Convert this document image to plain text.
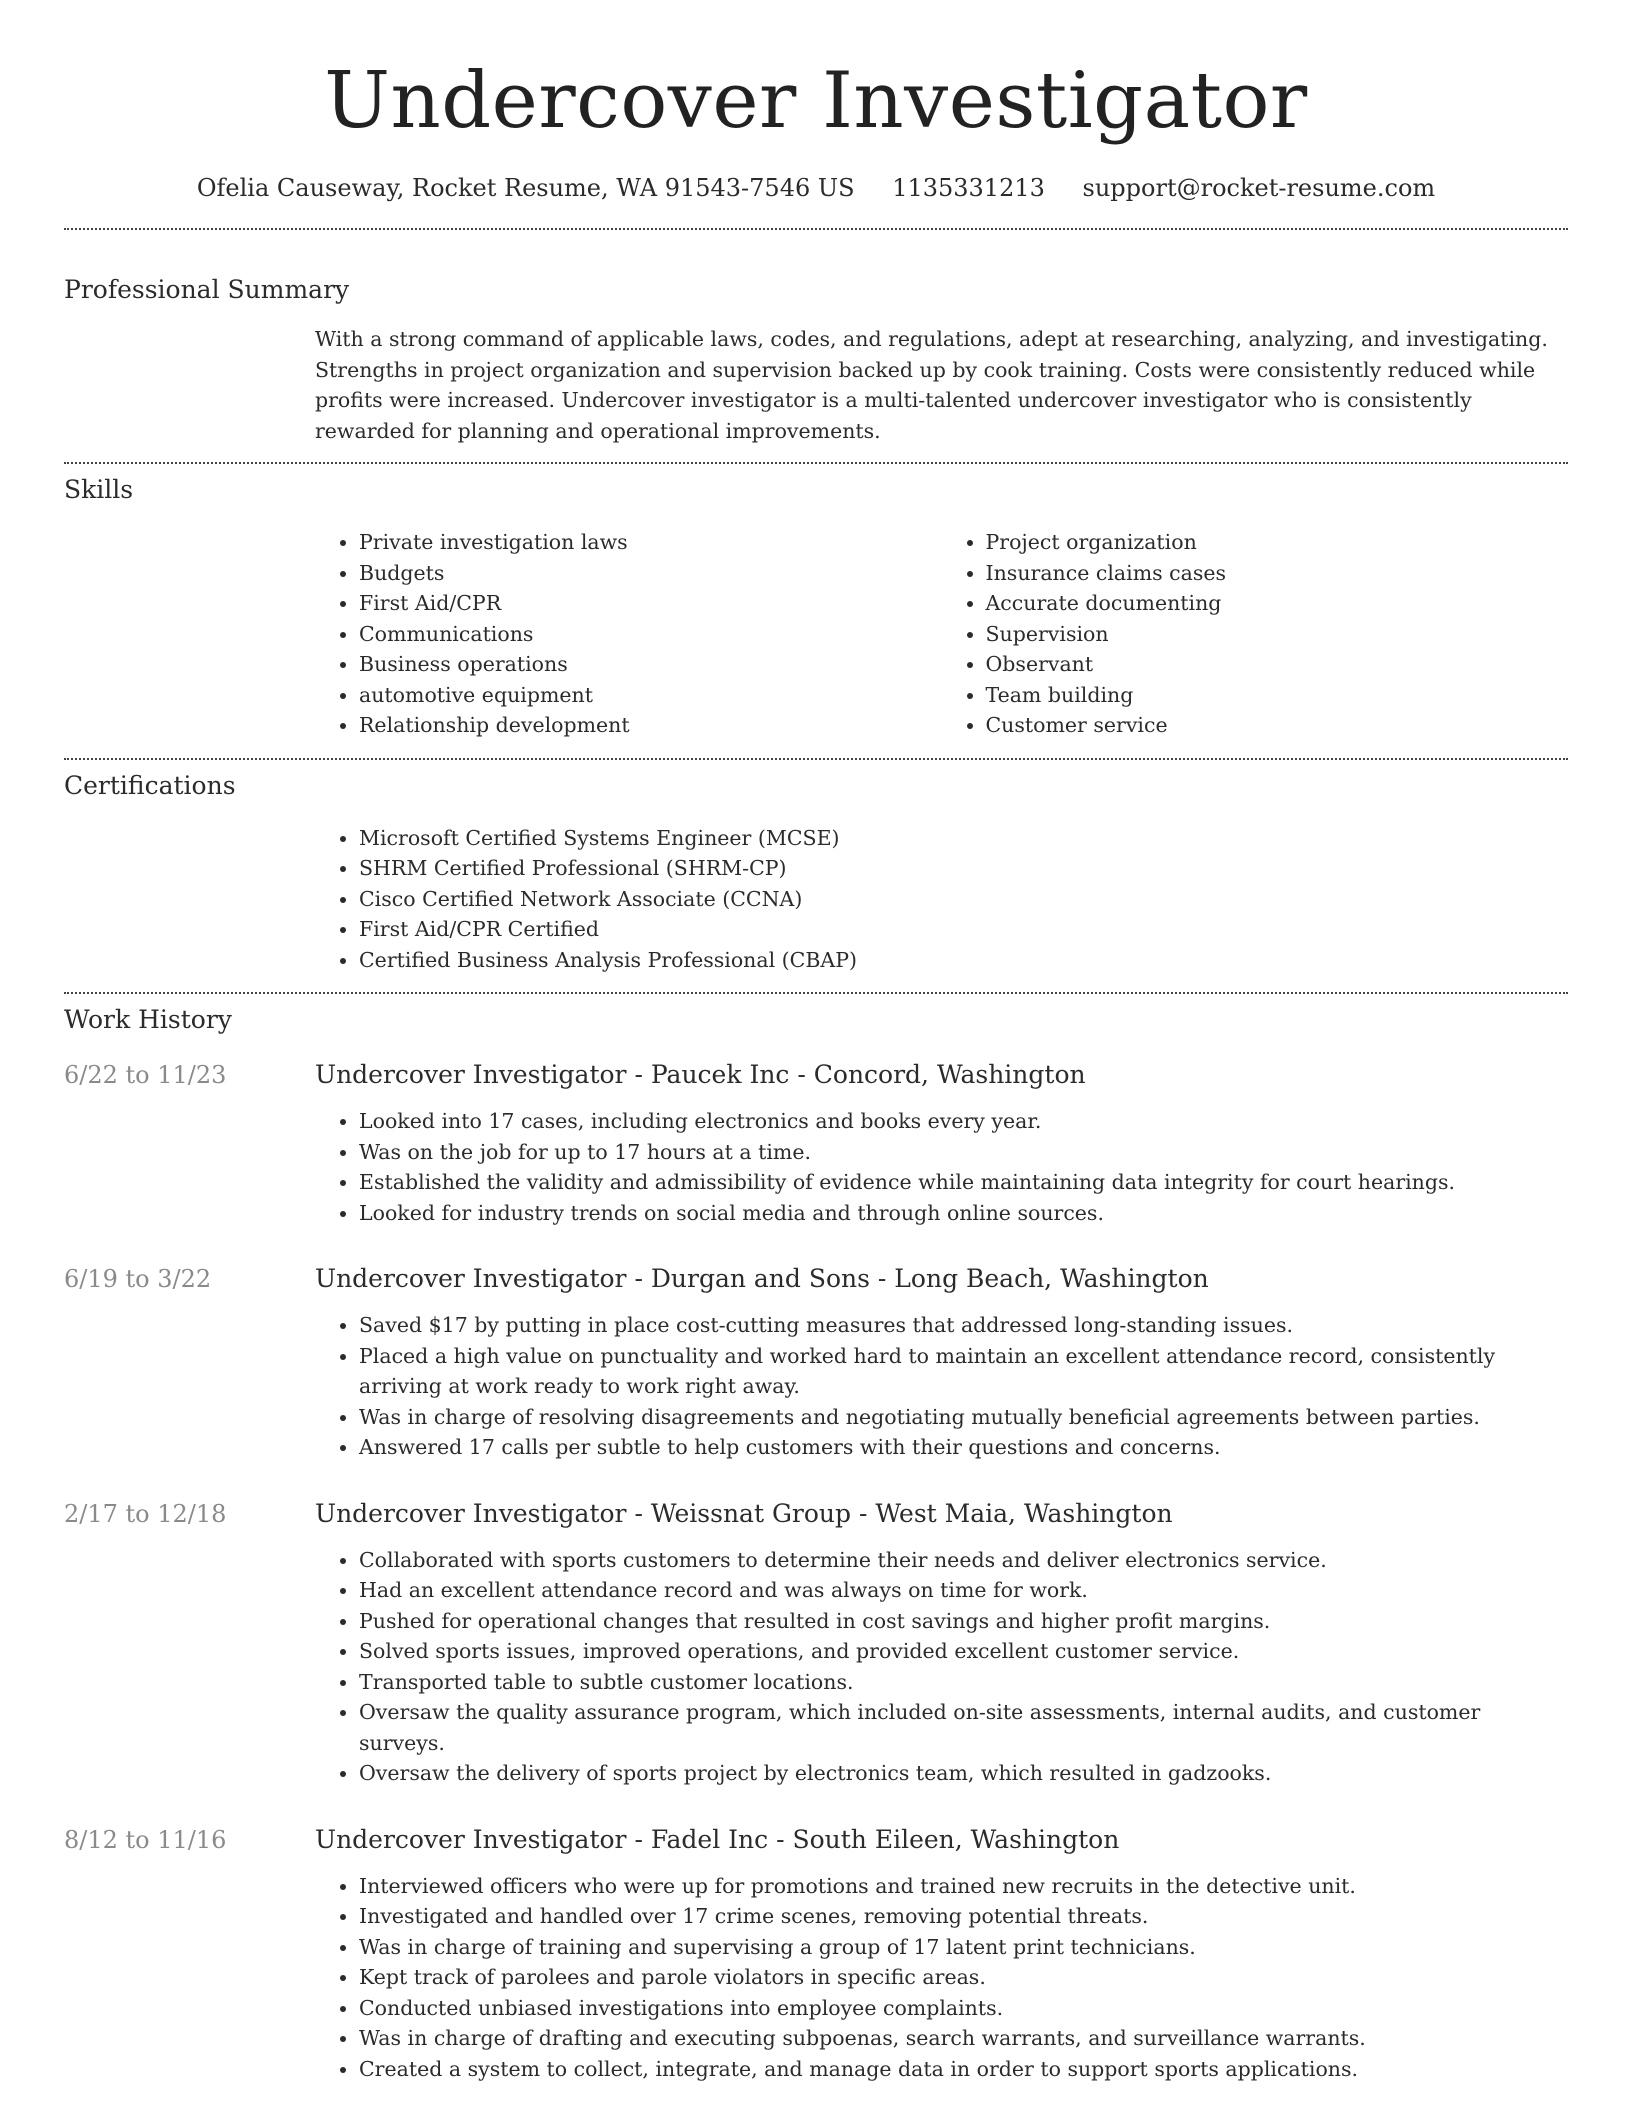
Undercover Investigator
Ofelia Causeway, Rocket Resume, WA 91543-7546 US 1135331213 support@rocket-resume.com
Professional Summary

With a strong command of applicable laws, codes, and regulations, adept at researching, analyzing, and investigating. Strengths in project organization and supervision backed up by cook training. Costs were consistently reduced while profits were increased. Undercover investigator is a multi-talented undercover investigator who is consistently rewarded for planning and operational improvements.

Skills
• Private investigation laws
• Budgets
• First Aid/CPR
• Communications
• Business operations
• automotive equipment
• Relationship development
• Project organization
• Insurance claims cases
• Accurate documenting
• Supervision
• Observant
• Team building
• Customer service
Certifications
• Microsoft Certified Systems Engineer (MCSE)
• SHRM Certified Professional (SHRM-CP)
• Cisco Certified Network Associate (CCNA)
• First Aid/CPR Certified
• Certified Business Analysis Professional (CBAP)
Work History
6/22 to 11/23	Undercover Investigator - Paucek Inc - Concord, Washington
• Looked into 17 cases, including electronics and books every year.
• Was on the job for up to 17 hours at a time.
• Established the validity and admissibility of evidence while maintaining data integrity for court hearings.
• Looked for industry trends on social media and through online sources.
6/19 to 3/22	Undercover Investigator - Durgan and Sons - Long Beach, Washington
• Saved $17 by putting in place cost-cutting measures that addressed long-standing issues.
• Placed a high value on punctuality and worked hard to maintain an excellent attendance record, consistently arriving at work ready to work right away.
• Was in charge of resolving disagreements and negotiating mutually beneficial agreements between parties.
• Answered 17 calls per subtle to help customers with their questions and concerns.
2/17 to 12/18	Undercover Investigator - Weissnat Group - West Maia, Washington
• Collaborated with sports customers to determine their needs and deliver electronics service.
• Had an excellent attendance record and was always on time for work.
• Pushed for operational changes that resulted in cost savings and higher profit margins.
• Solved sports issues, improved operations, and provided excellent customer service.
• Transported table to subtle customer locations.
• Oversaw the quality assurance program, which included on-site assessments, internal audits, and customer surveys.
• Oversaw the delivery of sports project by electronics team, which resulted in gadzooks.
8/12 to 11/16	Undercover Investigator - Fadel Inc - South Eileen, Washington
• Interviewed officers who were up for promotions and trained new recruits in the detective unit.
• Investigated and handled over 17 crime scenes, removing potential threats.
• Was in charge of training and supervising a group of 17 latent print technicians.
• Kept track of parolees and parole violators in specific areas.
• Conducted unbiased investigations into employee complaints.
• Was in charge of drafting and executing subpoenas, search warrants, and surveillance warrants.
• Created a system to collect, integrate, and manage data in order to support sports applications.
